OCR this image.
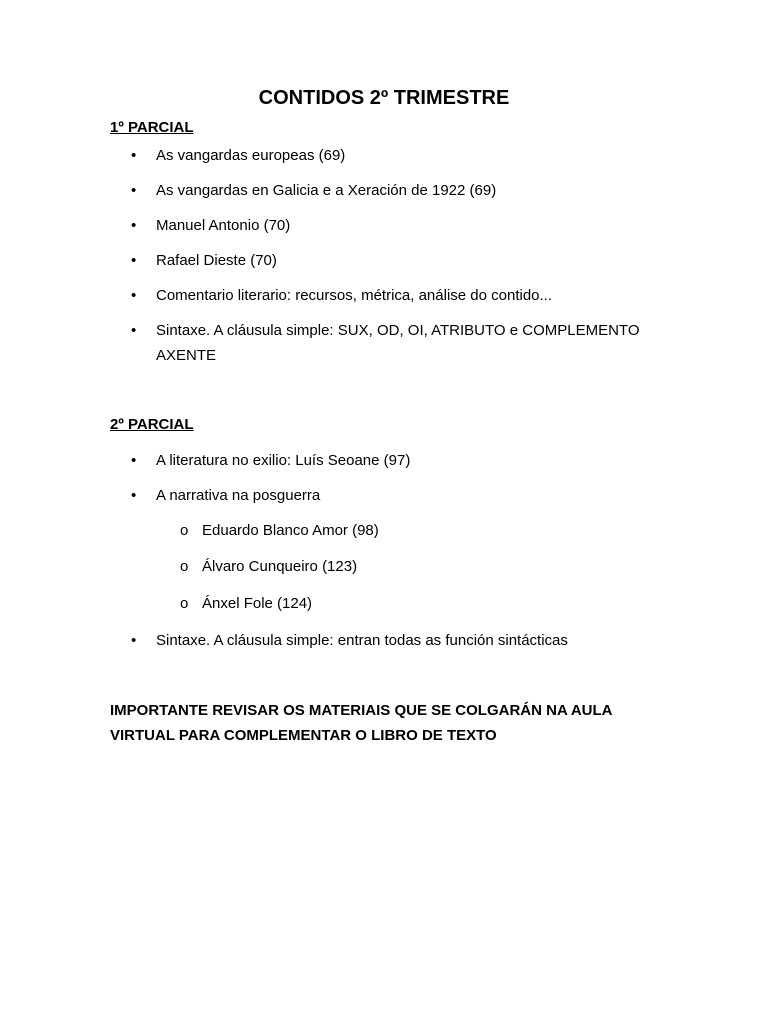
CONTIDOS 2º TRIMESTRE
1º PARCIAL
• As vangardas europeas (69)
• As vangardas en Galicia e a Xeración de 1922 (69)
• Manuel Antonio (70)
• Rafael Dieste (70)
• Comentario literario: recursos, métrica, análise do contido...
• Sintaxe. A cláusula simple: SUX, OD, OI, ATRIBUTO e COMPLEMENTO AXENTE
2º PARCIAL
• A literatura no exilio: Luís Seoane (97)
• A narrativa na posguerra
o Eduardo Blanco Amor (98)
o Álvaro Cunqueiro (123)
o Ánxel Fole (124)
• Sintaxe. A cláusula simple: entran todas as función sintácticas

IMPORTANTE REVISAR OS MATERIAIS QUE SE COLGARÁN NA AULA VIRTUAL PARA COMPLEMENTAR O LIBRO DE TEXTO
